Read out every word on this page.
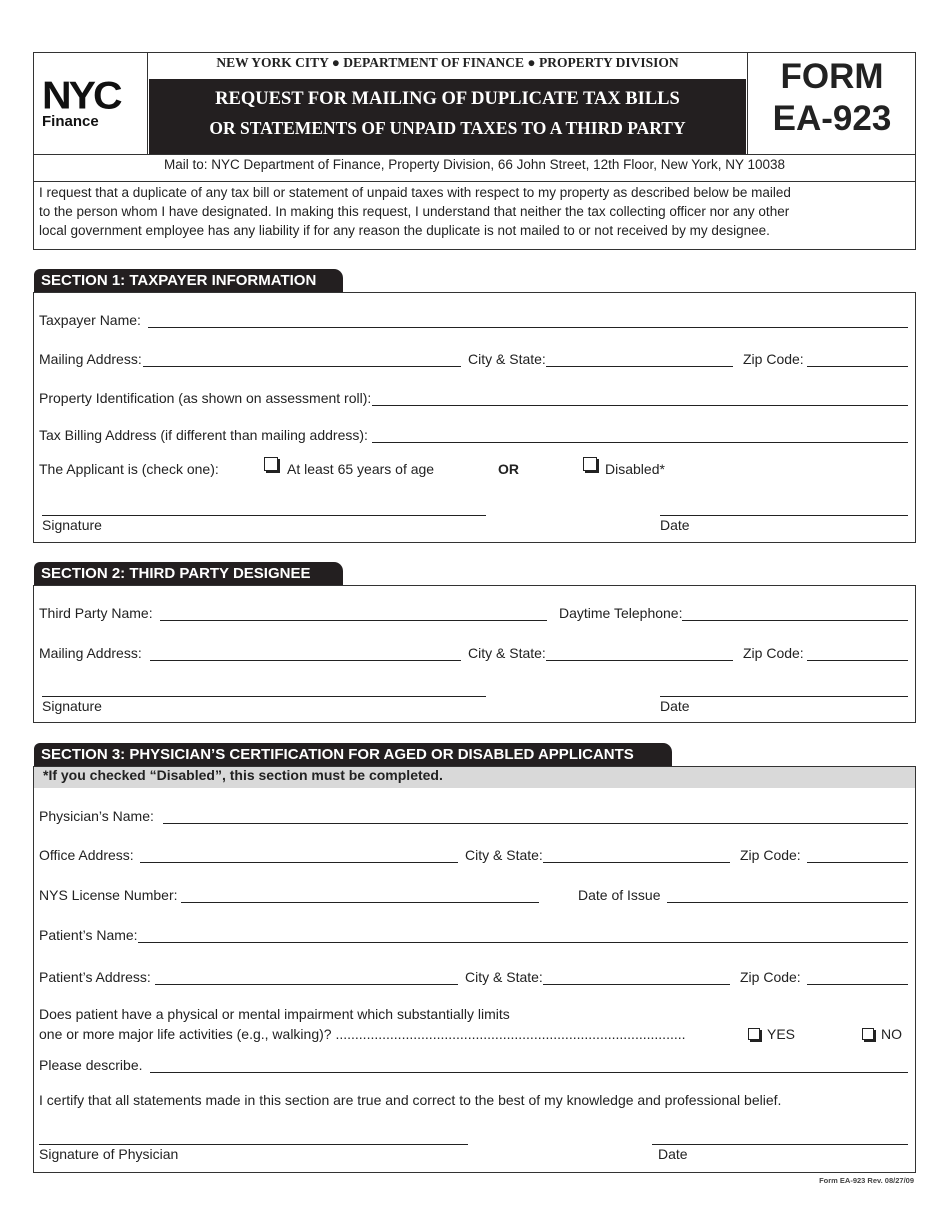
NYC
Finance
NEW YORK CITY ● DEPARTMENT OF FINANCE ● PROPERTY DIVISION
REQUEST FOR MAILING OF DUPLICATE TAX BILLS
OR STATEMENTS OF UNPAID TAXES TO A THIRD PARTY
FORM
EA-923
Mail to: NYC Department of Finance, Property Division, 66 John Street, 12th Floor, New York, NY 10038
I request that a duplicate of any tax bill or statement of unpaid taxes with respect to my property as described below be mailed
to the person whom I have designated. In making this request, I understand that neither the tax collecting officer nor any other
local government employee has any liability if for any reason the duplicate is not mailed to or not received by my designee.
SECTION 1: TAXPAYER INFORMATION
Taxpayer Name:
Mailing Address:	City & State:	Zip Code:
Property Identification (as shown on assessment roll):
Tax Billing Address (if different than mailing address):
The Applicant is (check one):	At least 65 years of age	OR	Disabled*
Signature	Date
SECTION 2: THIRD PARTY DESIGNEE
Third Party Name:	Daytime Telephone:
Mailing Address:	City & State:	Zip Code:
Signature	Date
SECTION 3: PHYSICIAN’S CERTIFICATION FOR AGED OR DISABLED APPLICANTS
*If you checked “Disabled”, this section must be completed.
Physician’s Name:
Office Address:	City & State:	Zip Code:
NYS License Number:	Date of Issue
Patient’s Name:
Patient’s Address:	City & State:	Zip Code:
Does patient have a physical or mental impairment which substantially limits
one or more major life activities (e.g., walking)? ..........................................................................................	YES	NO
Please describe.
I certify that all statements made in this section are true and correct to the best of my knowledge and professional belief.
Signature of Physician	Date
Form EA-923 Rev. 08/27/09
